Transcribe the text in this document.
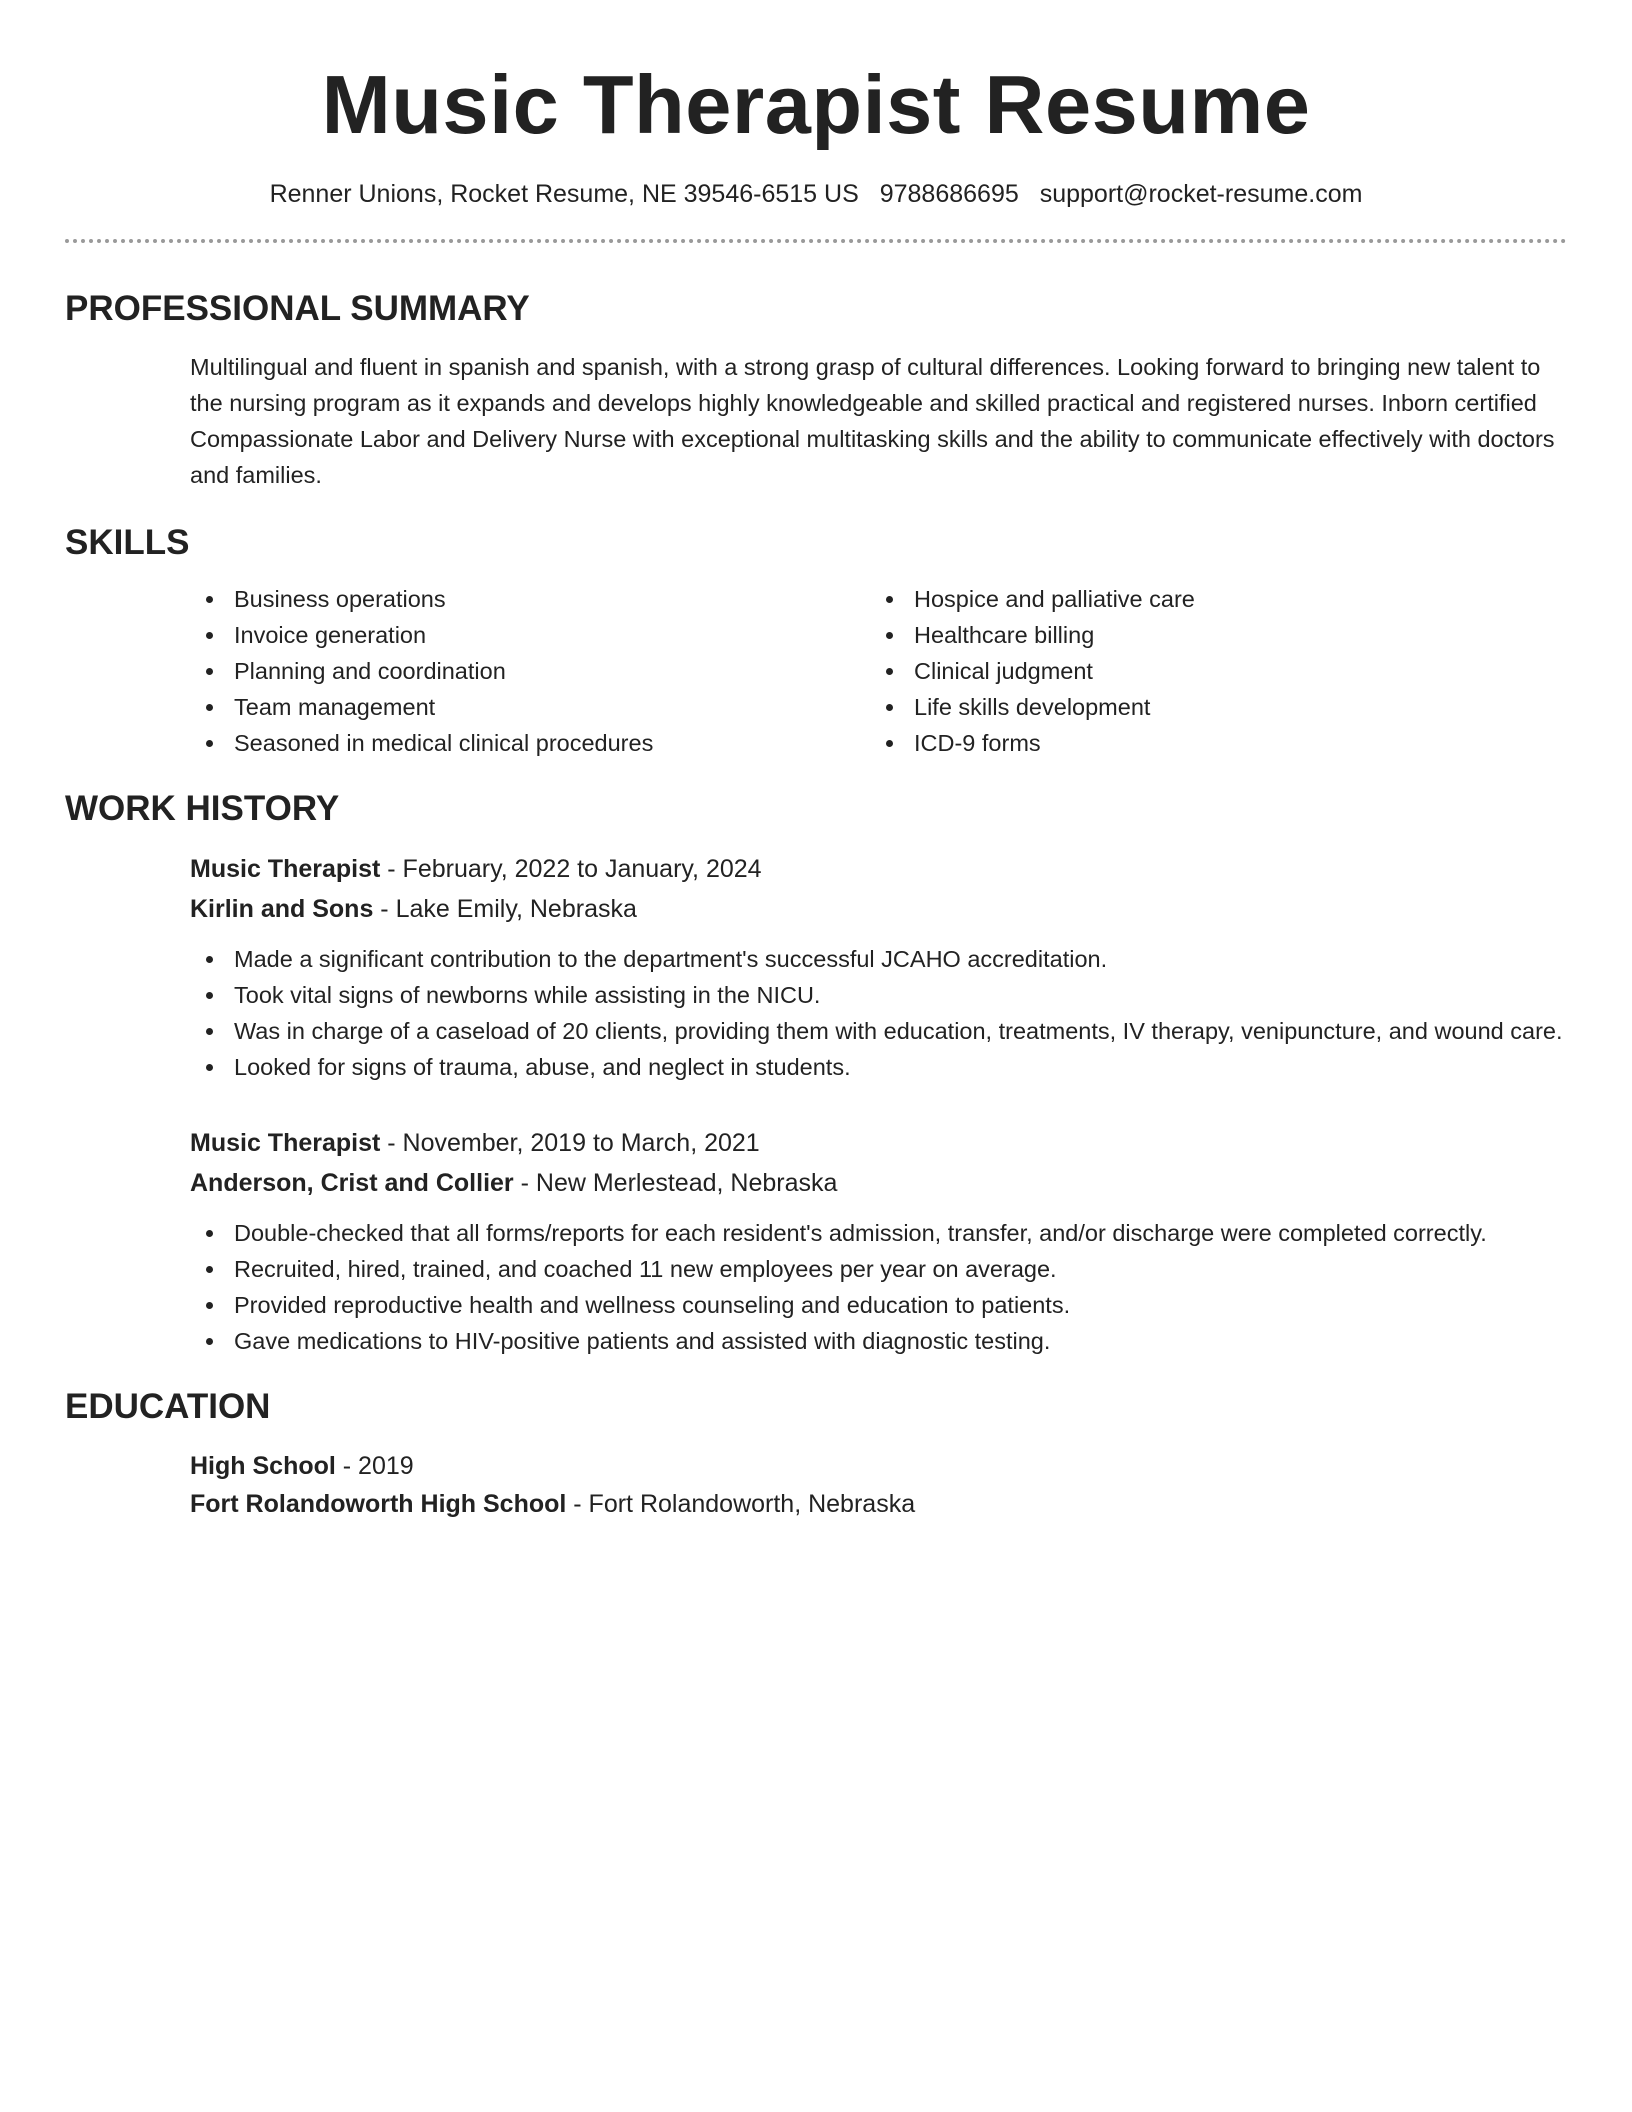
Music Therapist Resume
Renner Unions, Rocket Resume, NE 39546-6515 US 9788686695 support@rocket-resume.com
PROFESSIONAL SUMMARY

Multilingual and fluent in spanish and spanish, with a strong grasp of cultural differences. Looking forward to bringing new talent to the nursing program as it expands and develops highly knowledgeable and skilled practical and registered nurses. Inborn certified Compassionate Labor and Delivery Nurse with exceptional multitasking skills and the ability to communicate effectively with doctors and families.

SKILLS
Business operations
Invoice generation
Planning and coordination
Team management
Seasoned in medical clinical procedures
Hospice and palliative care
Healthcare billing
Clinical judgment
Life skills development
ICD-9 forms
WORK HISTORY
Music Therapist - February, 2022 to January, 2024
Kirlin and Sons - Lake Emily, Nebraska
Made a significant contribution to the department's successful JCAHO accreditation.
Took vital signs of newborns while assisting in the NICU.
Was in charge of a caseload of 20 clients, providing them with education, treatments, IV therapy, venipuncture, and wound care.
Looked for signs of trauma, abuse, and neglect in students.
Music Therapist - November, 2019 to March, 2021
Anderson, Crist and Collier - New Merlestead, Nebraska
Double-checked that all forms/reports for each resident's admission, transfer, and/or discharge were completed correctly.
Recruited, hired, trained, and coached 11 new employees per year on average.
Provided reproductive health and wellness counseling and education to patients.
Gave medications to HIV-positive patients and assisted with diagnostic testing.
EDUCATION
High School - 2019
Fort Rolandoworth High School - Fort Rolandoworth, Nebraska
